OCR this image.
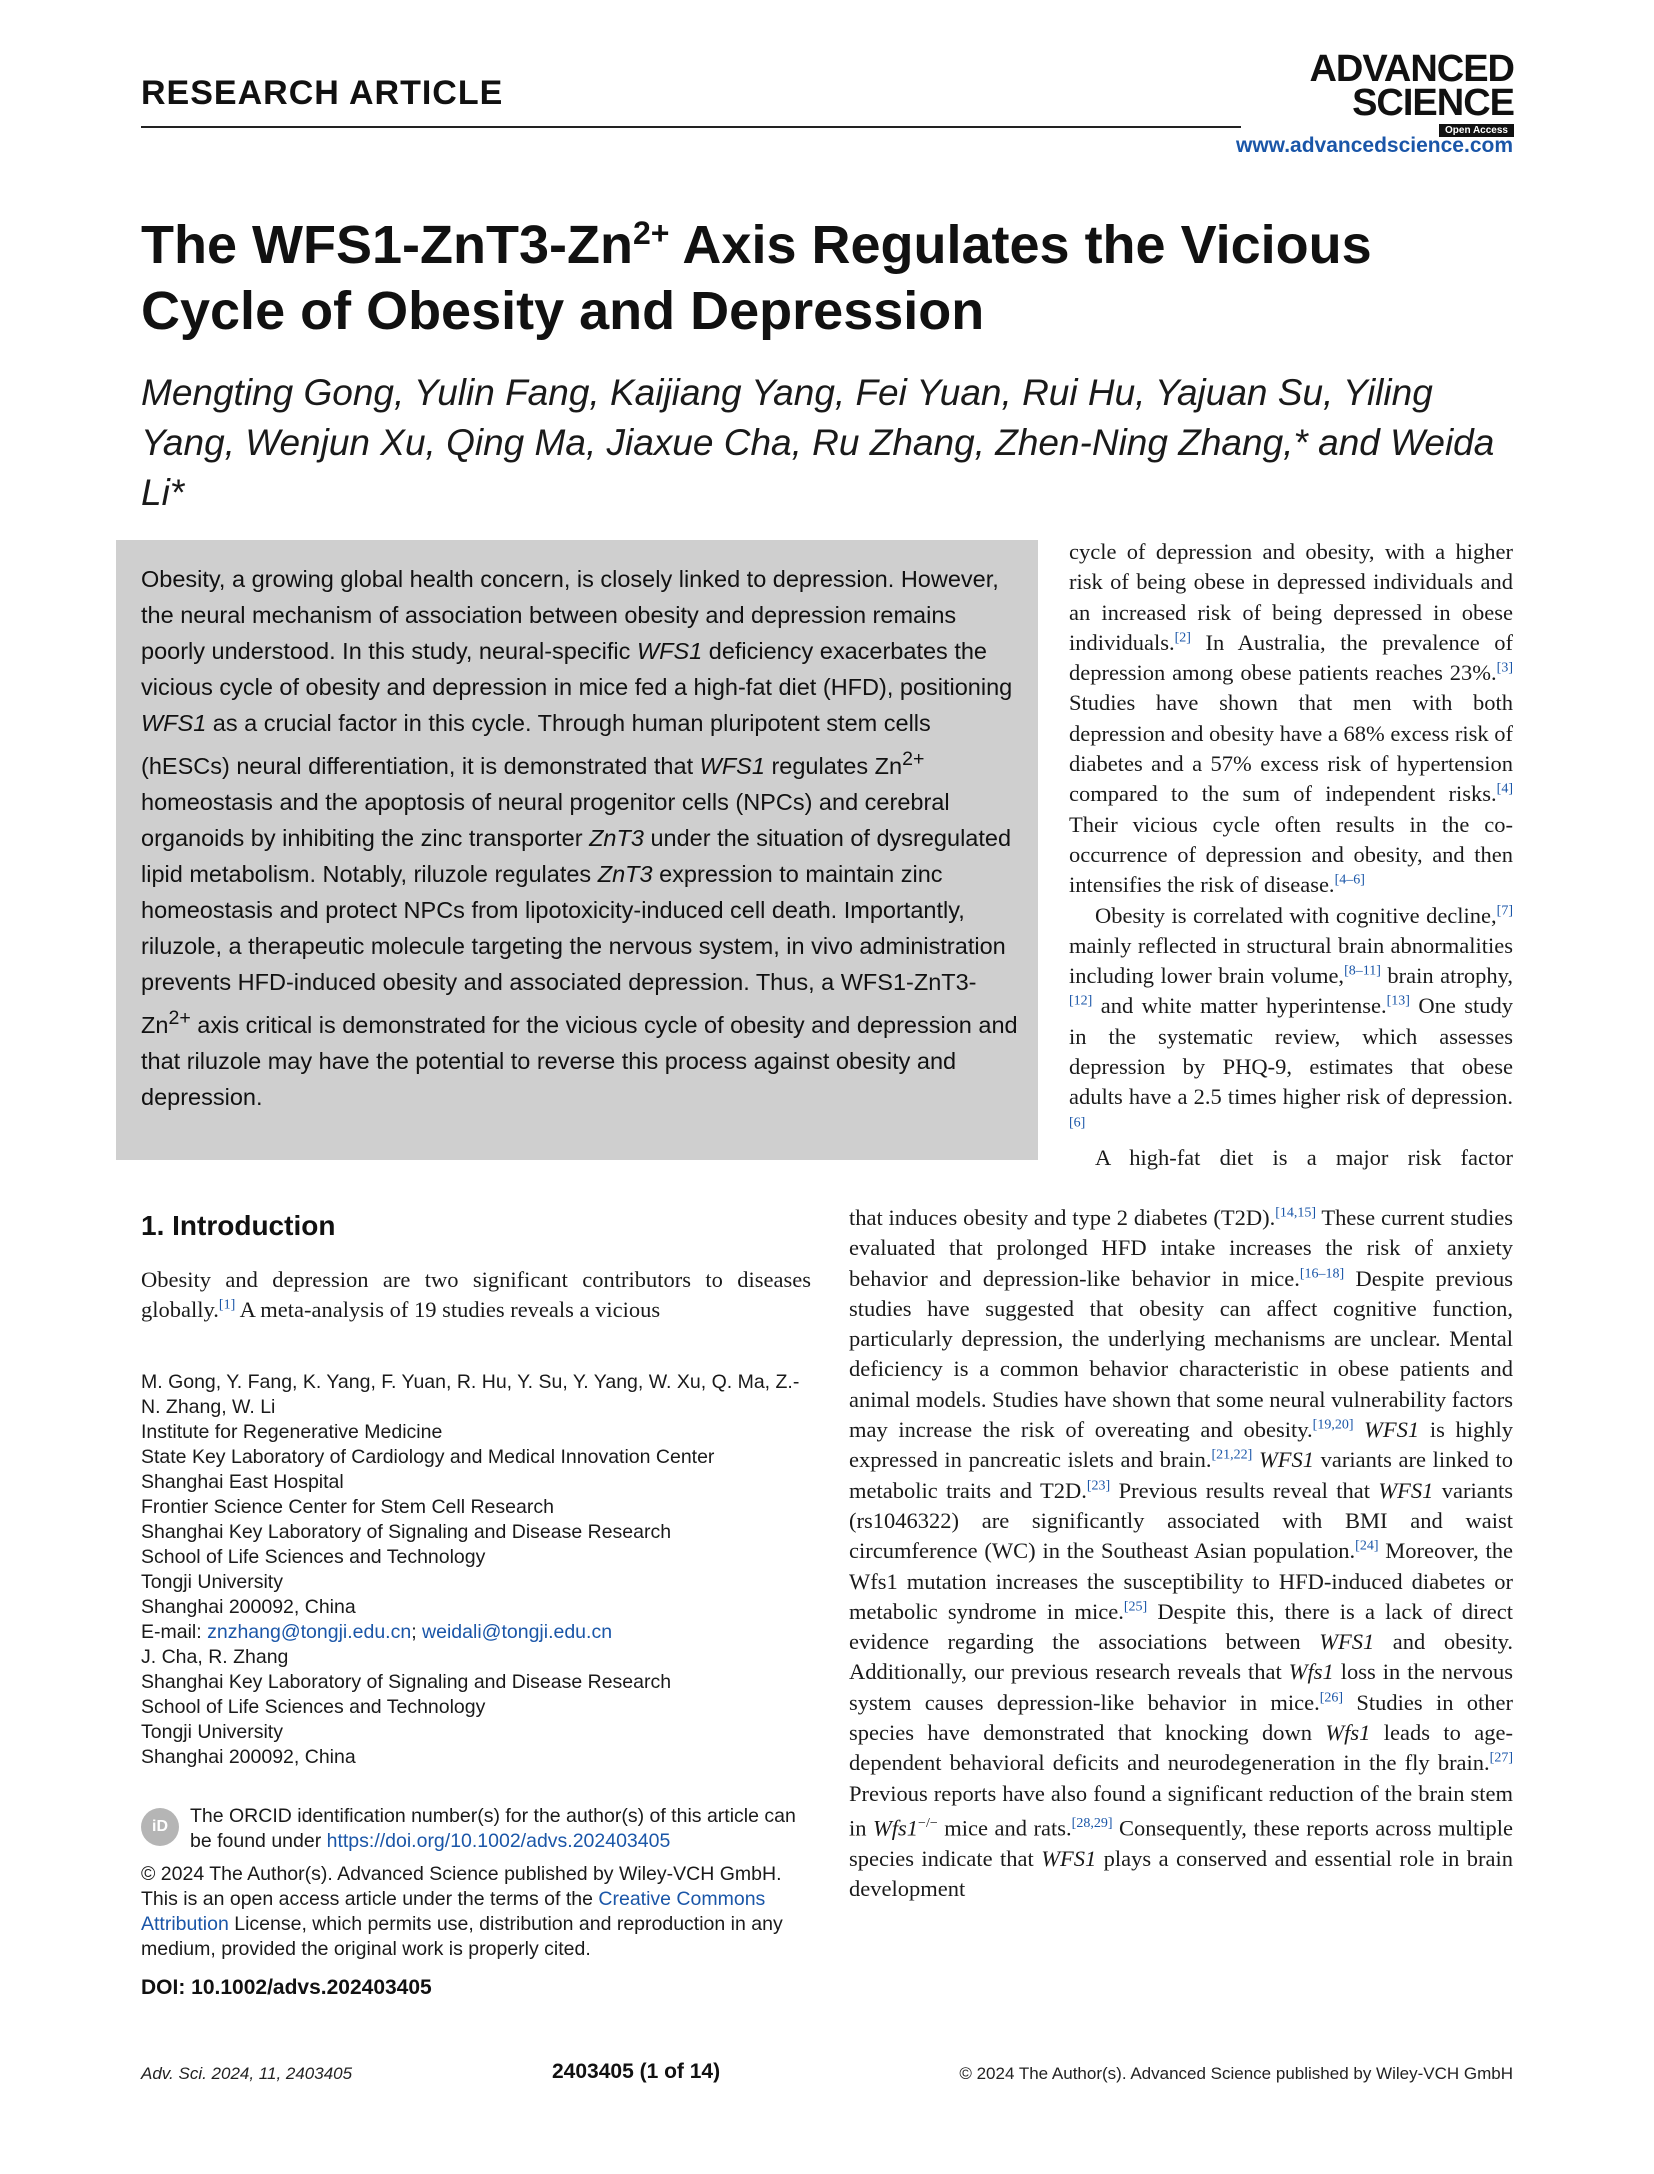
RESEARCH ARTICLE
ADVANCED
SCIENCE
Open Access
www.advancedscience.com
The $WFS1-ZnT3-Zn^{2+}$ Axis Regulates the Vicious Cycle of Obesity and Depression
Mengting Gong, Yulin Fang, Kaijiang Yang, Fei Yuan, Rui Hu, Yajuan Su, Yiling Yang, Wenjun Xu, Qing Ma, Jiaxue Cha, Ru Zhang, Zhen-Ning Zhang,* and Weida Li*
Obesity, a growing global health concern, is closely linked to depression. However, the neural mechanism of association between obesity and depression remains poorly understood. In this study, neural-specific WFS1 deficiency exacerbates the vicious cycle of obesity and depression in mice fed a high-fat diet (HFD), positioning WFS1 as a crucial factor in this cycle. Through human pluripotent stem cells (hESCs) neural differentiation, it is demonstrated that WFS1 regulates $Zn^{2+}$ homeostasis and the apoptosis of neural progenitor cells (NPCs) and cerebral organoids by inhibiting the zinc transporter ZnT3 under the situation of dysregulated lipid metabolism. Notably, riluzole regulates ZnT3 expression to maintain zinc homeostasis and protect NPCs from lipotoxicity-induced cell death. Importantly, riluzole, a therapeutic molecule targeting the nervous system, in vivo administration prevents HFD-induced obesity and associated depression. Thus, a $WFS1-ZnT3-Zn^{2+}$ axis critical is demonstrated for the vicious cycle of obesity and depression and that riluzole may have the potential to reverse this process against obesity and depression.

cycle of depression and obesity, with a higher risk of being obese in depressed individuals and an increased risk of being depressed in obese individuals.[2] In Australia, the prevalence of depression among obese patients reaches 23%.[3] Studies have shown that men with both depression and obesity have a 68% excess risk of diabetes and a 57% excess risk of hypertension compared to the sum of independent risks.[4] Their vicious cycle often results in the co-occurrence of depression and obesity, and then intensifies the risk of disease.[4–6]

Obesity is correlated with cognitive decline,[7] mainly reflected in structural brain abnormalities including lower brain volume,[8–11] brain atrophy,[12] and white matter hyperintense.[13] One study in the systematic review, which assesses depression by PHQ-9, estimates that obese adults have a 2.5 times higher risk of depression.[6]

A high-fat diet is a major risk factor

that induces obesity and type 2 diabetes (T2D).[14,15] These current studies evaluated that prolonged HFD intake increases the risk of anxiety behavior and depression-like behavior in mice.[16–18] Despite previous studies have suggested that obesity can affect cognitive function, particularly depression, the underlying mechanisms are unclear. Mental deficiency is a common behavior characteristic in obese patients and animal models. Studies have shown that some neural vulnerability factors may increase the risk of overeating and obesity.[19,20] WFS1 is highly expressed in pancreatic islets and brain.[21,22] WFS1 variants are linked to metabolic traits and T2D.[23] Previous results reveal that WFS1 variants (rs1046322) are significantly associated with BMI and waist circumference (WC) in the Southeast Asian population.[24] Moreover, the Wfs1 mutation increases the susceptibility to HFD-induced diabetes or metabolic syndrome in mice.[25] Despite this, there is a lack of direct evidence regarding the associations between WFS1 and obesity. Additionally, our previous research reveals that Wfs1 loss in the nervous system causes depression-like behavior in mice.[26] Studies in other species have demonstrated that knocking down Wfs1 leads to age-dependent behavioral deficits and neurodegeneration in the fly brain.[27] Previous reports have also found a significant reduction of the brain stem in Wfs1−/− mice and rats.[28,29] Consequently, these reports across multiple species indicate that WFS1 plays a conserved and essential role in brain development

1. Introduction

Obesity and depression are two significant contributors to diseases globally.[1] A meta-analysis of 19 studies reveals a vicious

M. Gong, Y. Fang, K. Yang, F. Yuan, R. Hu, Y. Su, Y. Yang, W. Xu, Q. Ma, Z.-N. Zhang, W. Li

Institute for Regenerative Medicine

State Key Laboratory of Cardiology and Medical Innovation Center

Shanghai East Hospital

Frontier Science Center for Stem Cell Research

Shanghai Key Laboratory of Signaling and Disease Research

School of Life Sciences and Technology

Tongji University

Shanghai 200092, China

E-mail: znzhang@tongji.edu.cn; weidali@tongji.edu.cn

J. Cha, R. Zhang

Shanghai Key Laboratory of Signaling and Disease Research

School of Life Sciences and Technology

Tongji University

Shanghai 200092, China

iD	The ORCID identification number(s) for the author(s) of this article can be found under https://doi.org/10.1002/advs.202403405
© 2024 The Author(s). Advanced Science published by Wiley-VCH GmbH. This is an open access article under the terms of the Creative Commons Attribution License, which permits use, distribution and reproduction in any medium, provided the original work is properly cited.
DOI: 10.1002/advs.202403405
Adv. Sci. 2024, 11, 2403405	2403405 (1 of 14)	© 2024 The Author(s). Advanced Science published by Wiley-VCH GmbH
